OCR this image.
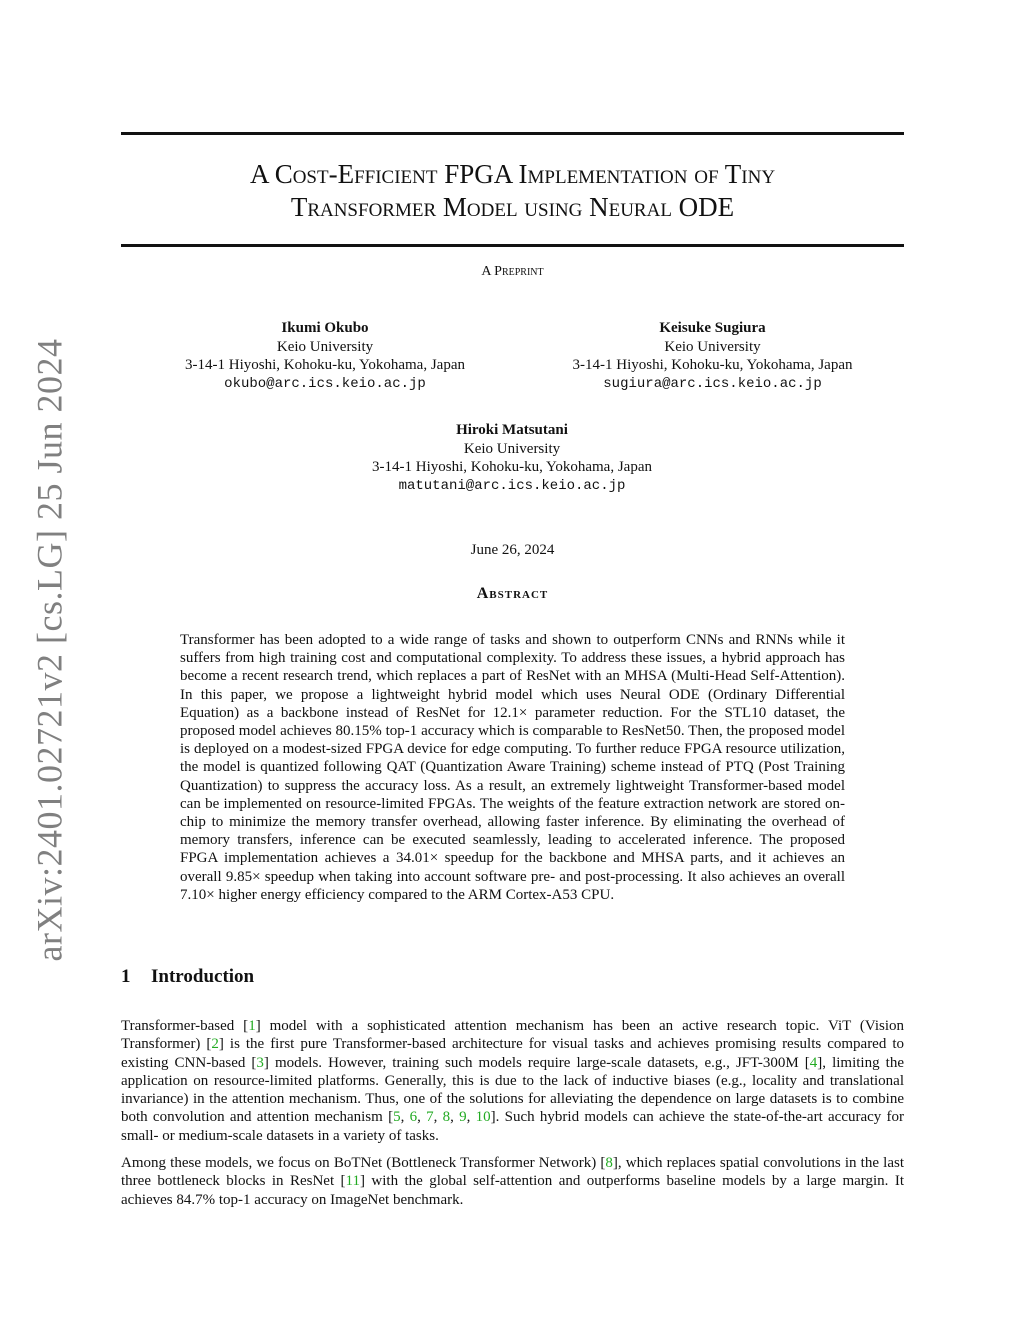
arXiv:2401.02721v2 [cs.LG] 25 Jun 2024
A Cost-Efficient FPGA Implementation of Tiny
Transformer Model using Neural ODE
A Preprint
Ikumi Okubo
Keio University
3-14-1 Hiyoshi, Kohoku-ku, Yokohama, Japan
okubo@arc.ics.keio.ac.jp
Keisuke Sugiura
Keio University
3-14-1 Hiyoshi, Kohoku-ku, Yokohama, Japan
sugiura@arc.ics.keio.ac.jp
Hiroki Matsutani
Keio University
3-14-1 Hiyoshi, Kohoku-ku, Yokohama, Japan
matutani@arc.ics.keio.ac.jp
June 26, 2024
Abstract

Transformer has been adopted to a wide range of tasks and shown to outperform CNNs and RNNs while it suffers from high training cost and computational complexity. To address these issues, a hybrid approach has become a recent research trend, which replaces a part of ResNet with an MHSA (Multi-Head Self-Attention). In this paper, we propose a lightweight hybrid model which uses Neural ODE (Ordinary Differential Equation) as a backbone instead of ResNet for 12.1× parameter reduction. For the STL10 dataset, the proposed model achieves 80.15% top-1 accuracy which is comparable to ResNet50. Then, the proposed model is deployed on a modest-sized FPGA device for edge computing. To further reduce FPGA resource utilization, the model is quantized following QAT (Quantization Aware Training) scheme instead of PTQ (Post Training Quantization) to suppress the accuracy loss. As a result, an extremely lightweight Transformer-based model can be implemented on resource-limited FPGAs. The weights of the feature extraction network are stored on-chip to minimize the memory transfer overhead, allowing faster inference. By eliminating the overhead of memory transfers, inference can be executed seamlessly, leading to accelerated inference. The proposed FPGA implementation achieves a 34.01× speedup for the backbone and MHSA parts, and it achieves an overall 9.85× speedup when taking into account software pre- and post-processing. It also achieves an overall 7.10× higher energy efficiency compared to the ARM Cortex-A53 CPU.

1 Introduction

Transformer-based [1] model with a sophisticated attention mechanism has been an active research topic. ViT (Vision Transformer) [2] is the first pure Transformer-based architecture for visual tasks and achieves promising results compared to existing CNN-based [3] models. However, training such models require large-scale datasets, e.g., JFT-300M [4], limiting the application on resource-limited platforms. Generally, this is due to the lack of inductive biases (e.g., locality and translational invariance) in the attention mechanism. Thus, one of the solutions for alleviating the dependence on large datasets is to combine both convolution and attention mechanism [5, 6, 7, 8, 9, 10]. Such hybrid models can achieve the state-of-the-art accuracy for small- or medium-scale datasets in a variety of tasks.

Among these models, we focus on BoTNet (Bottleneck Transformer Network) [8], which replaces spatial convolutions in the last three bottleneck blocks in ResNet [11] with the global self-attention and outperforms baseline models by a large margin. It achieves 84.7% top-1 accuracy on ImageNet benchmark.
